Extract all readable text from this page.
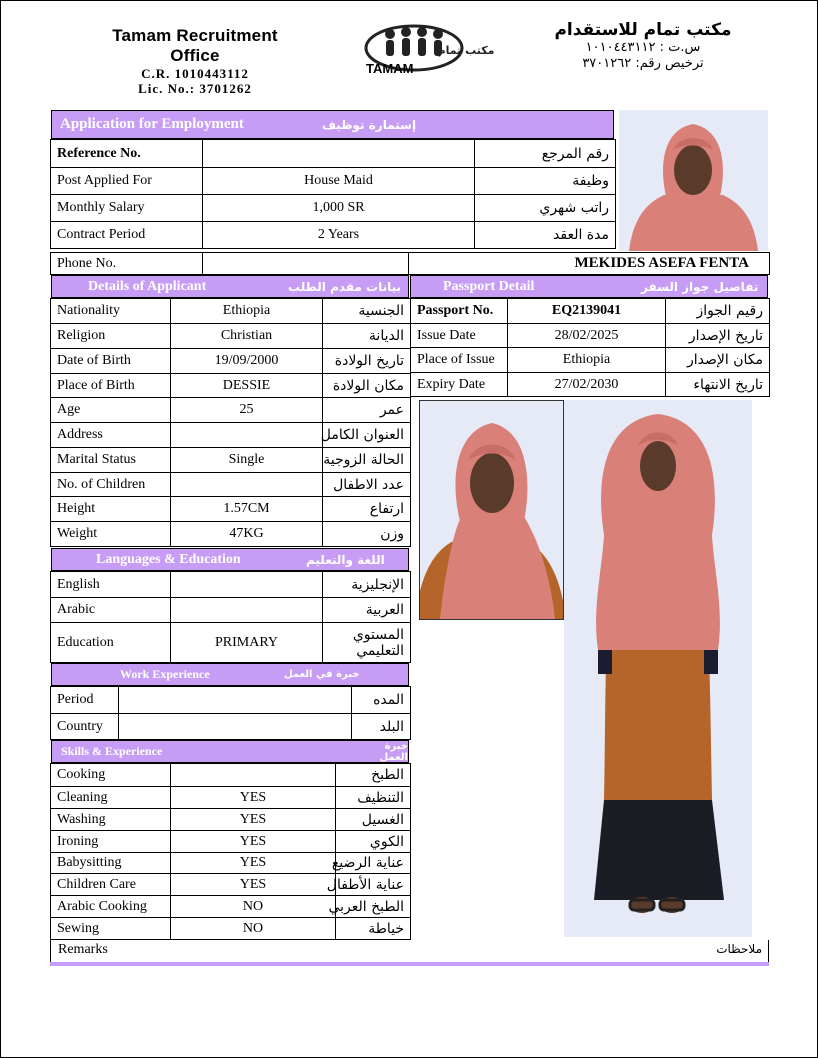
Tamam Recruitment Office
C.R. 1010443112
Lic. No.: 3701262
مكتب تمام
TAMAM
مكتب تمام للاستقدام
س.ت : ١٠١٠٤٤٣١١٢
ترخيص رقم: ٣٧٠١٢٦٢
Application for Employment	إستمارة توظيف
Reference No.		رقم المرجع
Post Applied For	House Maid	وظيفة
Monthly Salary	1,000 SR	راتب شهري
Contract Period	2 Years	مدة العقد
Phone No.		MEKIDES ASEFA FENTA
Details of Applicant	بيانات مقدم الطلب	Passport Detail	تفاصيل جواز السفر
Nationality	Ethiopia	الجنسية
Religion	Christian	الديانة
Date of Birth	19/09/2000	تاريخ الولادة
Place of Birth	DESSIE	مكان الولادة
Age	25	عمر
Address		العنوان الكامل
Marital Status	Single	الحالة الزوجية
No. of Children		عدد الاطفال
Height	1.57CM	ارتفاع
Weight	47KG	وزن
Passport No.	EQ2139041	رقيم الجواز
Issue Date	28/02/2025	تاريخ الإصدار
Place of Issue	Ethiopia	مكان الإصدار
Expiry Date	27/02/2030	تاريخ الانتهاء
Languages & Education	اللغة والتعليم
English		الإنجليزية
Arabic		العربية
Education	PRIMARY	المستوي التعليمي
Work Experience	خبرة في العمل
Period		المده
Country		البلد
Skills & Experience	خبرة العمل
Cooking		الطبخ
Cleaning	YES	التنظيف
Washing	YES	الغسيل
Ironing	YES	الكوي
Babysitting	YES	عناية الرضيع
Children Care	YES	عناية الأطفال
Arabic Cooking	NO	الطبخ العربي
Sewing	NO	خياطة
Remarks	ملاحظات
